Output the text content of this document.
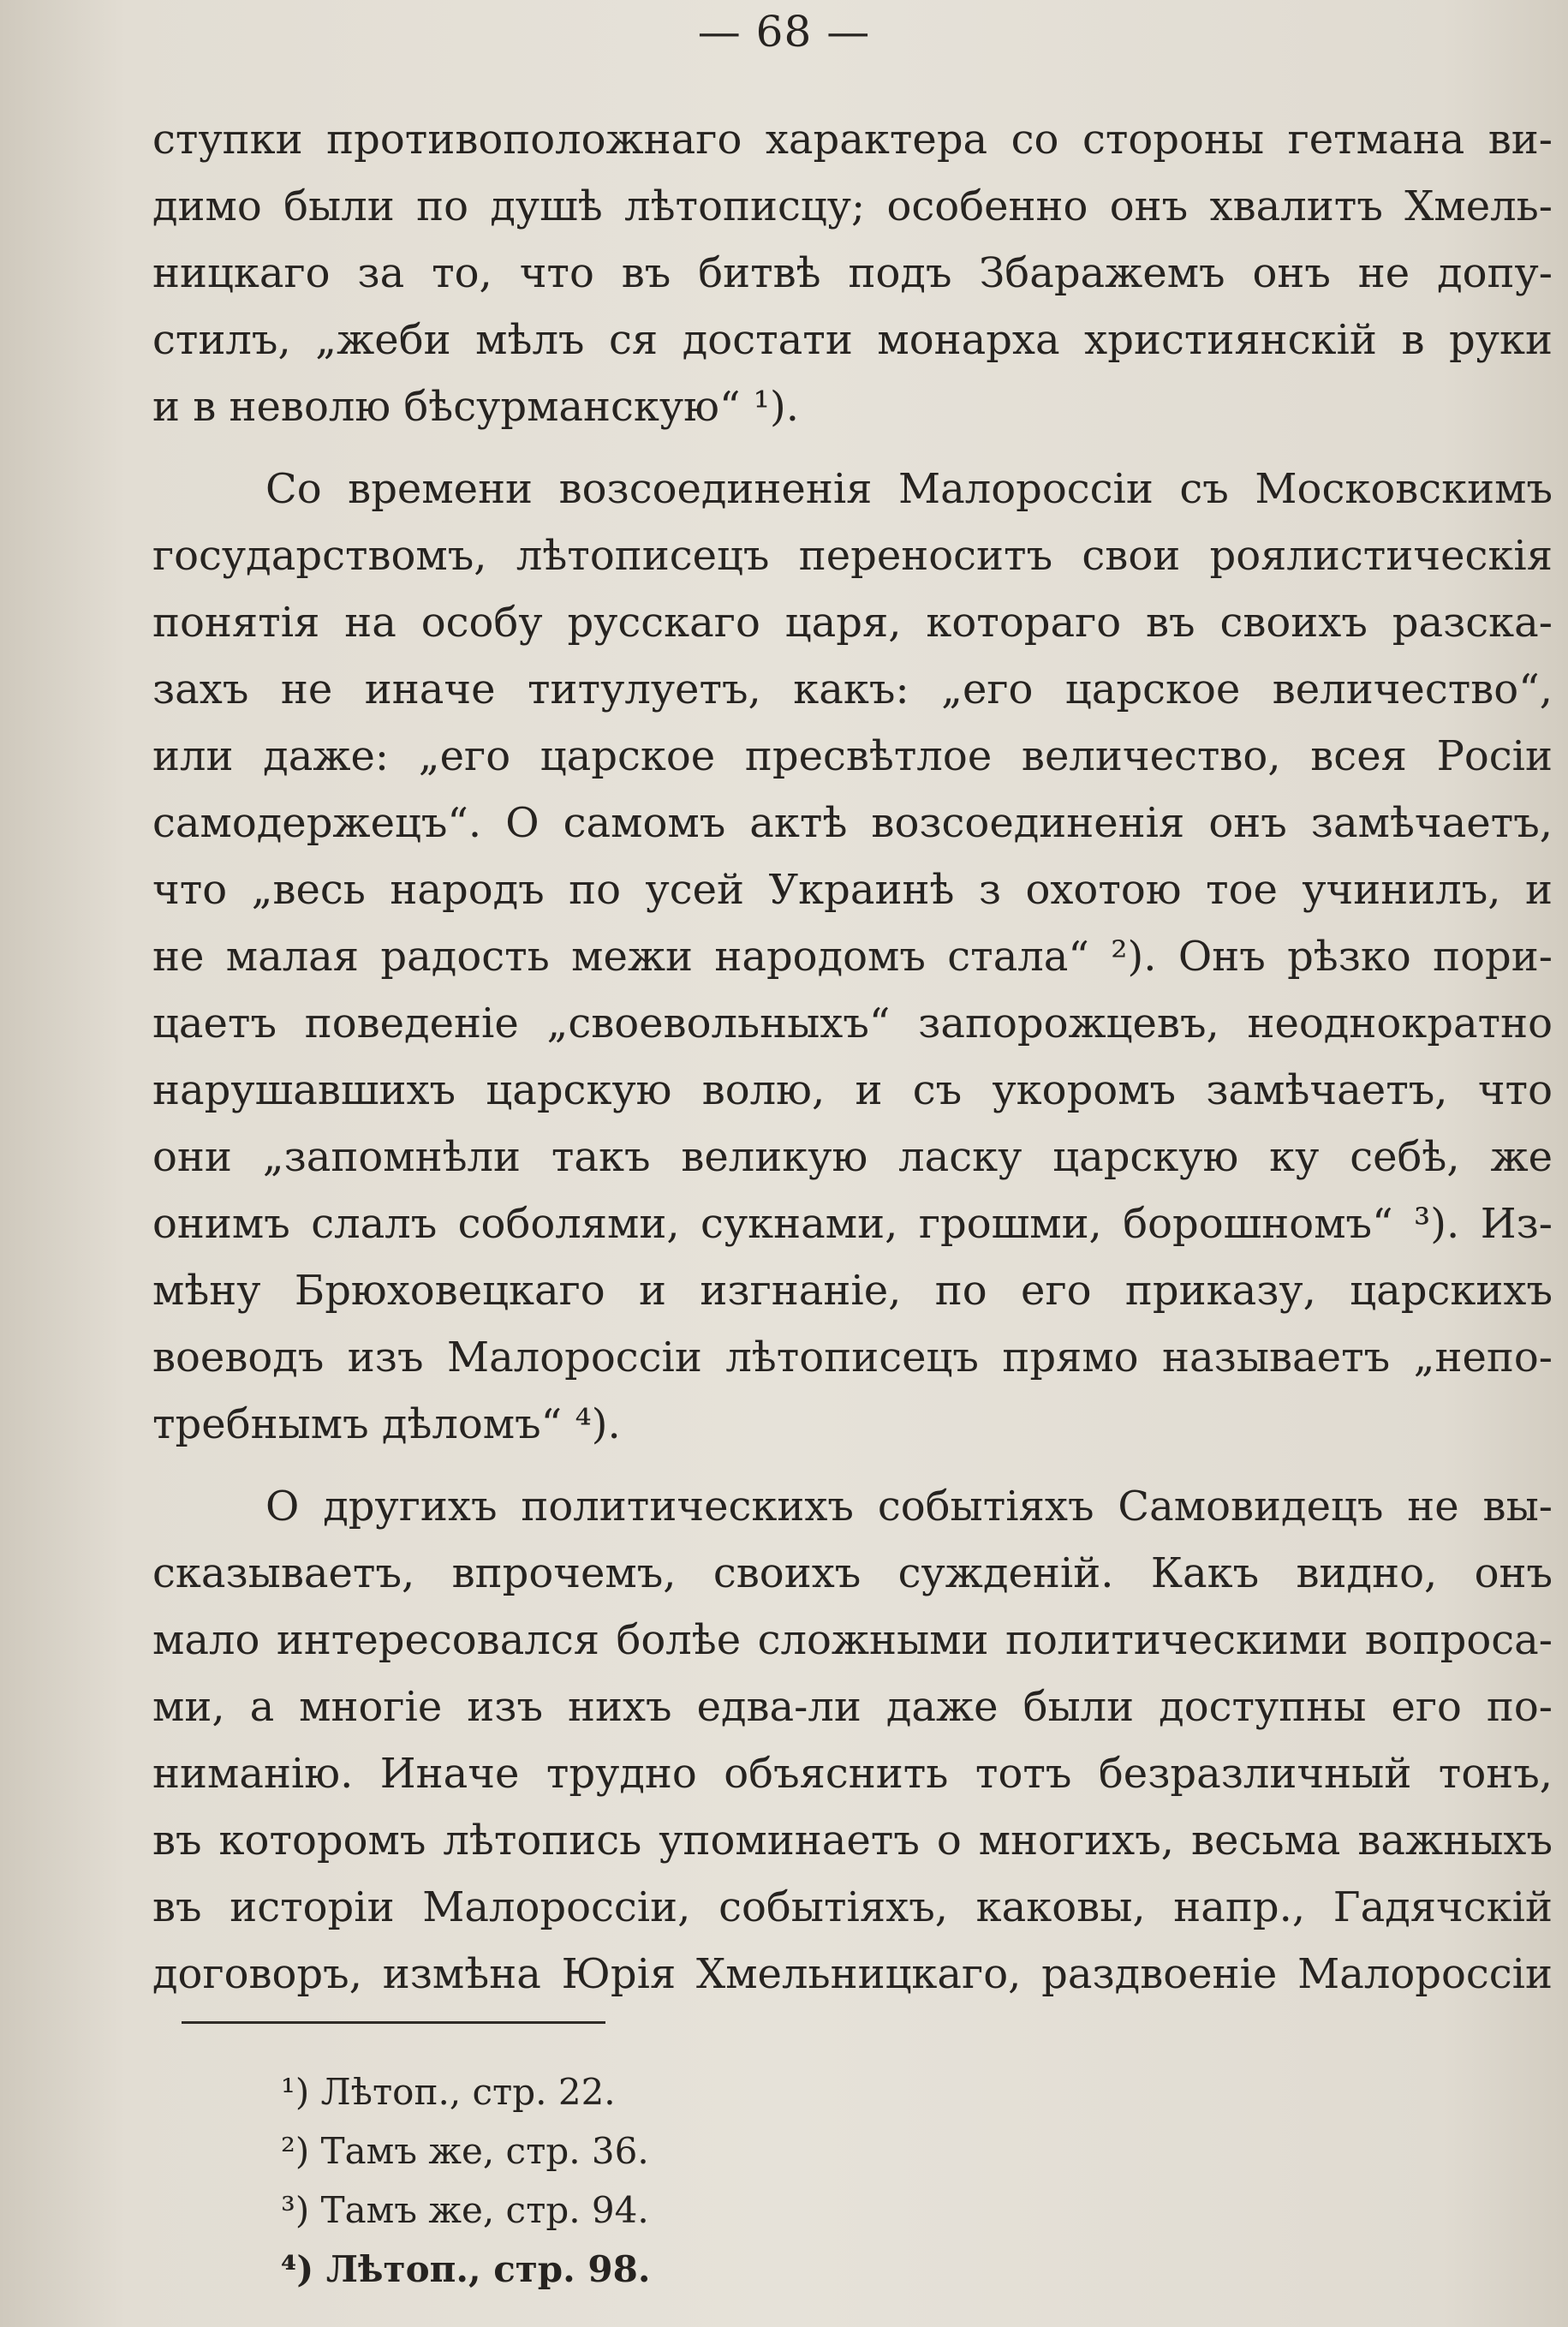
— 68 —
ступки противоположнаго характера со стороны гетмана ви-
димо были по душѣ лѣтописцу; особенно онъ хвалитъ Хмель-
ницкаго за то, что въ битвѣ подъ Збаражемъ онъ не допу-
стилъ, „жеби мѣлъ ся достати монарха християнскій в руки
и в неволю бѣсурманскую“ ¹).
Со времени возсоединенія Малороссіи съ Московскимъ
государствомъ, лѣтописецъ переноситъ свои роялистическія
понятія на особу русскаго царя, котораго въ своихъ разска-
захъ не иначе титулуетъ, какъ: „его царское величество“,
или даже: „его царское пресвѣтлое величество, всея Росіи
самодержецъ“. О самомъ актѣ возсоединенія онъ замѣчаетъ,
что „весь народъ по усей Украинѣ з охотою тое учинилъ, и
не малая радость межи народомъ стала“ ²). Онъ рѣзко пори-
цаетъ поведеніе „своевольныхъ“ запорожцевъ, неоднократно
нарушавшихъ царскую волю, и съ укоромъ замѣчаетъ, что
они „запомнѣли такъ великую ласку царскую ку себѣ, же
онимъ слалъ соболями, сукнами, грошми, борошномъ“ ³). Из-
мѣну Брюховецкаго и изгнаніе, по его приказу, царскихъ
воеводъ изъ Малороссіи лѣтописецъ прямо называетъ „непо-
требнымъ дѣломъ“ ⁴).
О другихъ политическихъ событіяхъ Самовидецъ не вы-
сказываетъ, впрочемъ, своихъ сужденій. Какъ видно, онъ
мало интересовался болѣе сложными политическими вопроса-
ми, а многіе изъ нихъ едва-ли даже были доступны его по-
ниманію. Иначе трудно объяснить тотъ безразличный тонъ,
въ которомъ лѣтопись упоминаетъ о многихъ, весьма важныхъ
въ исторіи Малороссіи, событіяхъ, каковы, напр., Гадячскій
договоръ, измѣна Юрія Хмельницкаго, раздвоеніе Малороссіи
¹) Лѣтоп., стр. 22.
²) Тамъ же, стр. 36.
³) Тамъ же, стр. 94.
⁴) Лѣтоп., стр. 98.
